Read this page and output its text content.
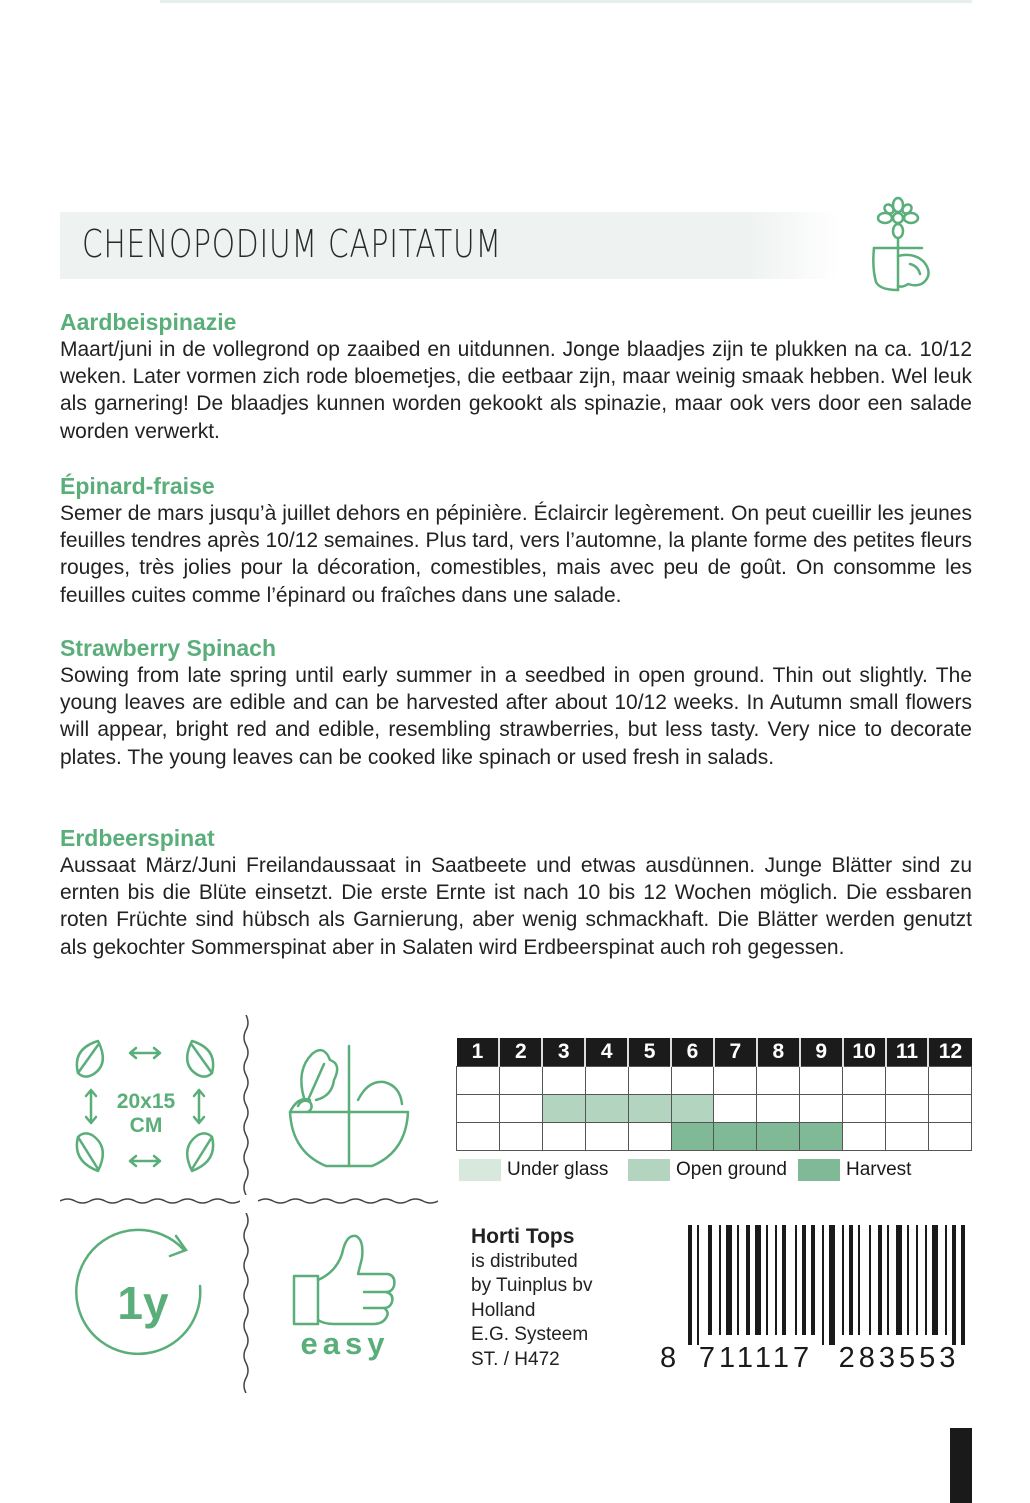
CHENOPODIUM CAPITATUM
Aardbeispinazie

Maart/juni in de vollegrond op zaaibed en uitdunnen. Jonge blaadjes zijn te plukken na ca. 10/12 weken. Later vormen zich rode bloemetjes, die eetbaar zijn, maar weinig smaak hebben. Wel leuk als garnering! De blaadjes kunnen worden gekookt als spinazie, maar ook vers door een salade worden verwerkt.

Épinard-fraise

Semer de mars jusqu’à juillet dehors en pépinière. Éclaircir legèrement. On peut cueillir les jeunes feuilles tendres après 10/12 semaines. Plus tard, vers l’automne, la plante forme des petites fleurs rouges, très jolies pour la décoration, comestibles, mais avec peu de goût. On consomme les feuilles cuites comme l’épinard ou fraîches dans une salade.

Strawberry Spinach

Sowing from late spring until early summer in a seedbed in open ground. Thin out slightly. The young leaves are edible and can be harvested after about 10/12 weeks. In Autumn small flowers will appear, bright red and edible, resembling strawberries, but less tasty. Very nice to decorate plates. The young leaves can be cooked like spinach or used fresh in salads.

Erdbeerspinat

Aussaat März/Juni Freilandaussaat in Saatbeete und etwas ausdünnen. Junge Blätter sind zu ernten bis die Blüte einsetzt. Die erste Ernte ist nach 10 bis 12 Wochen möglich. Die essbaren roten Früchte sind hübsch als Garnierung, aber wenig schmackhaft. Die Blätter werden genutzt als gekochter Sommerspinat aber in Salaten wird Erdbeerspinat auch roh gegessen.

20x15
CM
1y
easy
1	2	3	4	5	6	7	8	9	10	11	12

Under glass	Open ground	Harvest
Horti Tops
is distributed
by Tuinplus bv
Holland
E.G. Systeem
ST. / H472	8 711117 283553
